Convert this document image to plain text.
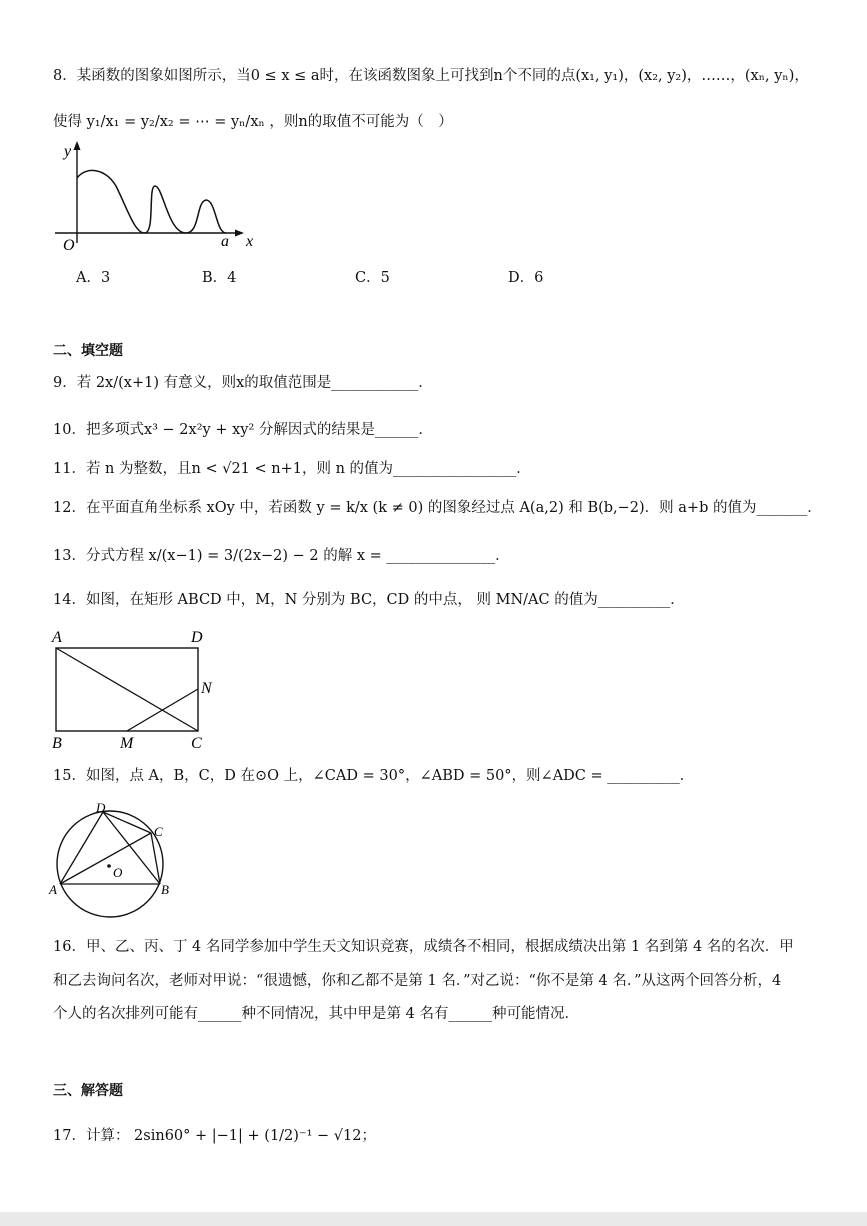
8．某函数的图象如图所示，当0 ≤ x ≤ a时，在该函数图象上可找到n个不同的点(x₁, y₁)，(x₂, y₂)，……，(xₙ, yₙ)，
使得 y₁/x₁ = y₂/x₂ = ⋯ = yₙ/xₙ ，则n的取值不可能为（　）
y
x
O	a
A．3	B．4	C．5	D．6
二、填空题
9．若 2x/(x+1) 有意义，则x的取值范围是____________．
10．把多项式x³ − 2x²y + xy² 分解因式的结果是______．
11．若 n 为整数，且n < √21 < n+1，则 n 的值为_________________．
12．在平面直角坐标系 xOy 中，若函数 y = k/x (k ≠ 0) 的图象经过点 A(a,2) 和 B(b,−2)．则 a+b 的值为_______．
13．分式方程 x/(x−1) = 3/(2x−2) − 2 的解 x = _______________．
14．如图，在矩形 ABCD 中，M，N 分别为 BC，CD 的中点， 则 MN/AC 的值为__________．
A	D
N
B	M	C
15．如图，点 A，B，C，D 在⊙O 上，∠CAD = 30°，∠ABD = 50°，则∠ADC = __________．
D
C
O
A	B
16．甲、乙、丙、丁 4 名同学参加中学生天文知识竞赛，成绩各不相同，根据成绩决出第 1 名到第 4 名的名次．甲
和乙去询问名次，老师对甲说：“很遗憾，你和乙都不是第 1 名．”对乙说：“你不是第 4 名．”从这两个回答分析，4
个人的名次排列可能有______种不同情况，其中甲是第 4 名有______种可能情况．
三、解答题
17．计算： 2sin60° + |−1| + (1/2)⁻¹ − √12；
